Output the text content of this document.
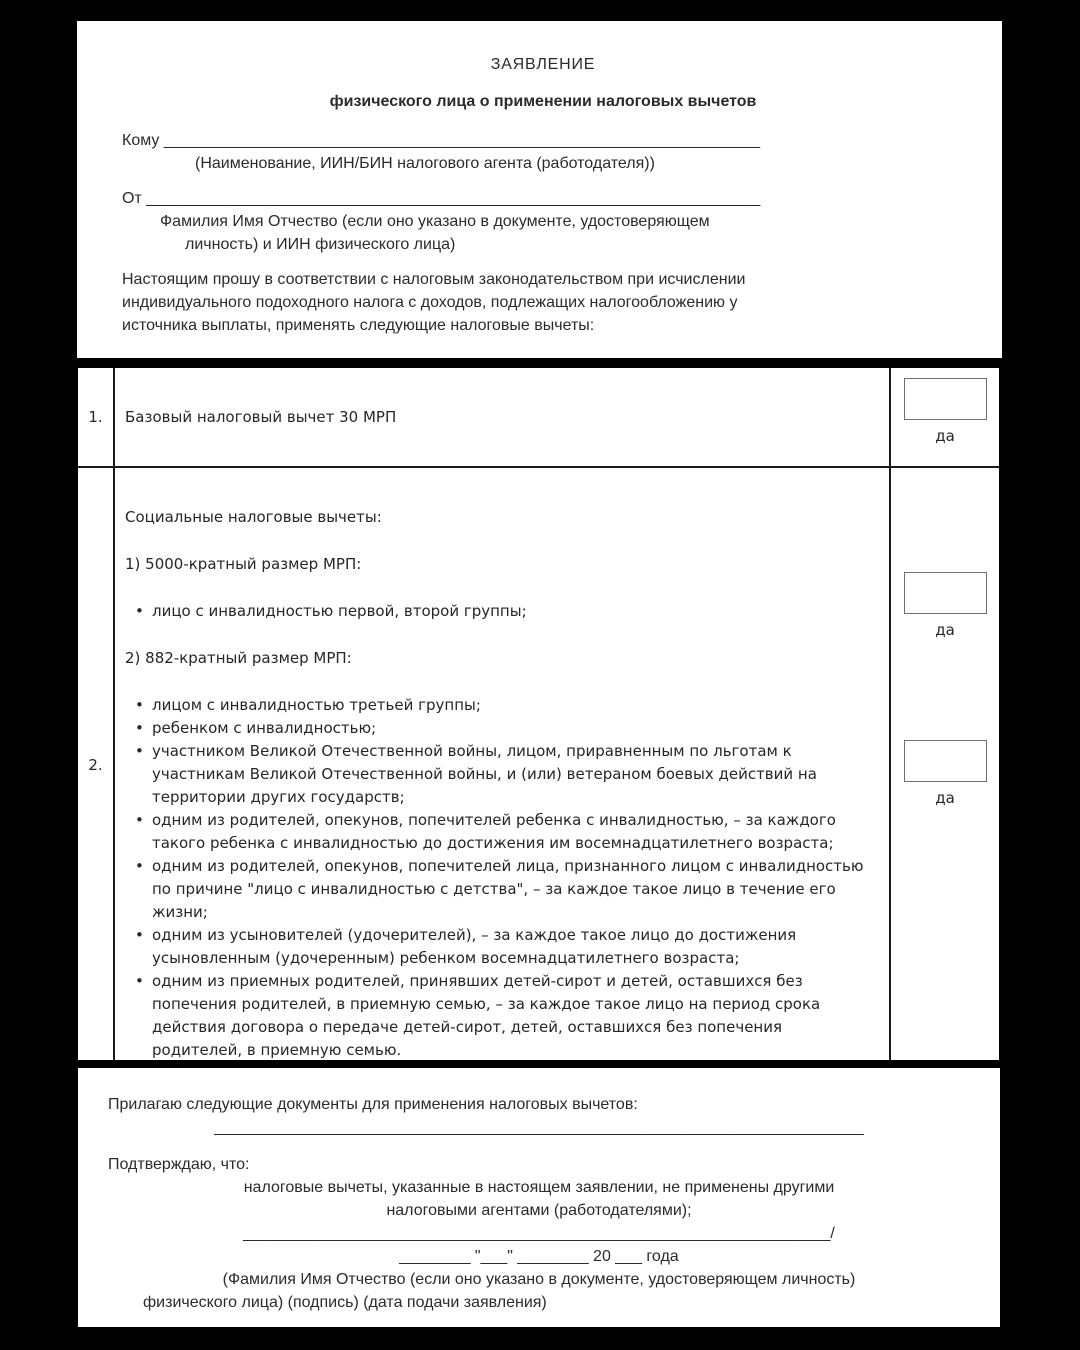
ЗАЯВЛЕНИЕ
физического лица о применении налоговых вычетов
Кому ___________________________________________________________________
(Наименование, ИИН/БИН налогового агента (работодателя))
От _____________________________________________________________________
Фамилия Имя Отчество (если оно указано в документе, удостоверяющем
личность) и ИИН физического лица)
Настоящим прошу в соответствии с налоговым законодательством при исчислении
индивидуального подоходного налога с доходов, подлежащих налогообложению у
источника выплаты, применять следующие налоговые вычеты:
1. Базовый налоговый вычет 30 МРП
да
2.
Социальные налоговые вычеты:
1) 5000-кратный размер МРП:
• лицо с инвалидностью первой, второй группы;
2) 882-кратный размер МРП:
• лицом с инвалидностью третьей группы;
• ребенком с инвалидностью;
• участником Великой Отечественной войны, лицом, приравненным по льготам к участникам Великой Отечественной войны, и (или) ветераном боевых действий на территории других государств;
• одним из родителей, опекунов, попечителей ребенка с инвалидностью, – за каждого такого ребенка с инвалидностью до достижения им восемнадцатилетнего возраста;
• одним из родителей, опекунов, попечителей лица, признанного лицом с инвалидностью по причине "лицо с инвалидностью с детства", – за каждое такое лицо в течение его жизни;
• одним из усыновителей (удочерителей), – за каждое такое лицо до достижения усыновленным (удочеренным) ребенком восемнадцатилетнего возраста;
• одним из приемных родителей, принявших детей-сирот и детей, оставшихся без попечения родителей, в приемную семью, – за каждое такое лицо на период срока действия договора о передаче детей-сирот, детей, оставшихся без попечения родителей, в приемную семью.
да
да
Прилагаю следующие документы для применения налоговых вычетов:
_________________________________________________________________________
Подтверждаю, что:
налоговые вычеты, указанные в настоящем заявлении, не применены другими
налоговыми агентами (работодателями);
__________________________________________________________________/
________ "___" ________ 20 ___ года
(Фамилия Имя Отчество (если оно указано в документе, удостоверяющем личность)
физического лица) (подпись) (дата подачи заявления)
